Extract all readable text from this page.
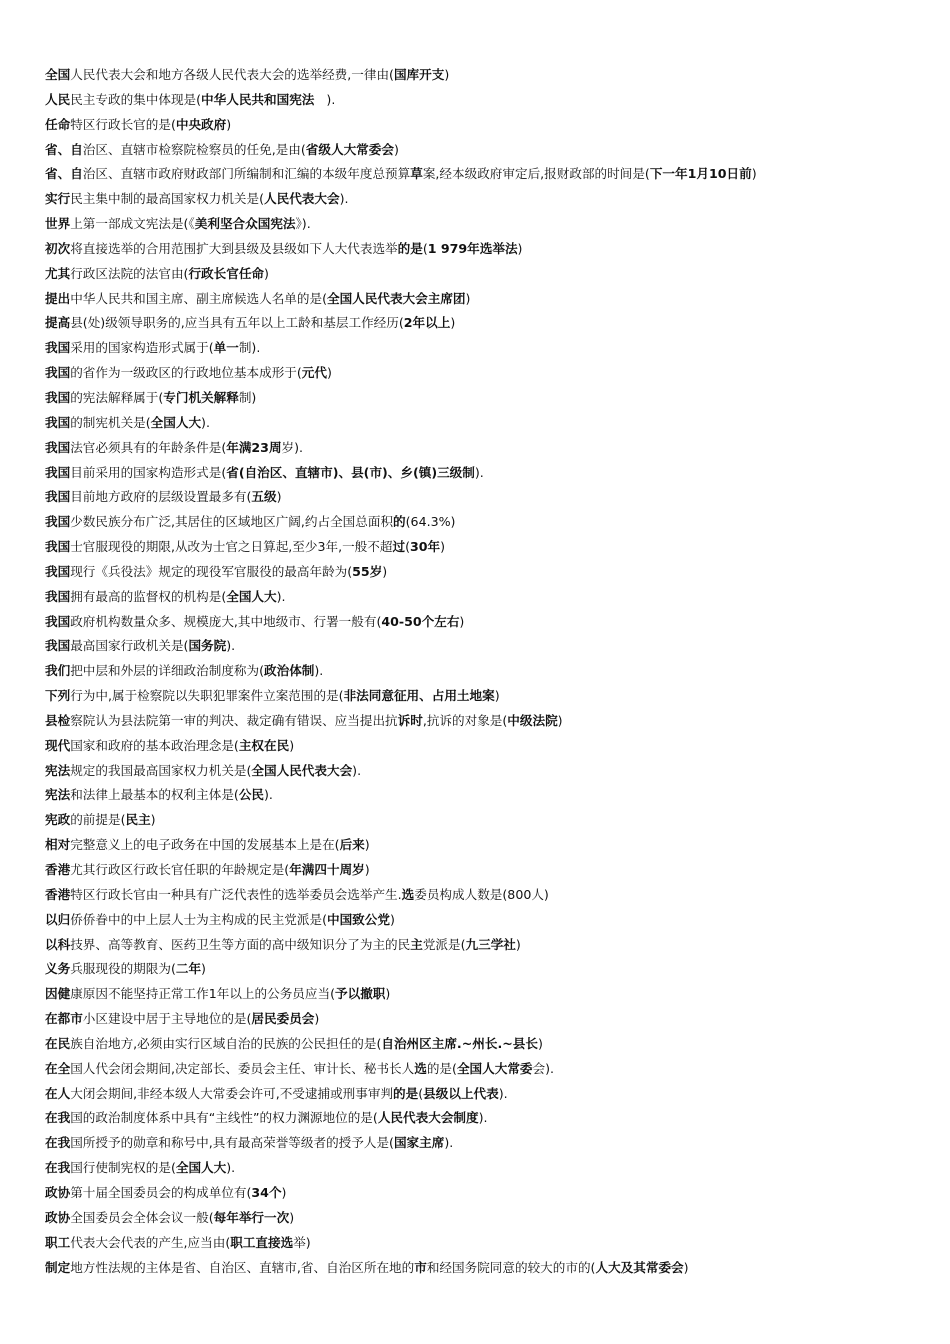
全国人民代表大会和地方各级人民代表大会的选举经费,一律由(国库开支)
人民民主专政的集中体现是(中华人民共和国宪法   ).
任命特区行政长官的是(中央政府)
省、自治区、直辖市检察院检察员的任免,是由(省级人大常委会)
省、自治区、直辖市政府财政部门所编制和汇编的本级年度总预算草案,经本级政府审定后,报财政部的时间是(下一年1月10日前)
实行民主集中制的最高国家权力机关是(人民代表大会).
世界上第一部成文宪法是(《美利坚合众国宪法》).
初次将直接选举的合用范围扩大到县级及县级如下人大代表选举的是(1 979年选举法)
尤其行政区法院的法官由(行政长官任命)
提出中华人民共和国主席、副主席候选人名单的是(全国人民代表大会主席团)
提高县(处)级领导职务的,应当具有五年以上工龄和基层工作经历(2年以上)
我国采用的国家构造形式属于(单一制).
我国的省作为一级政区的行政地位基本成形于(元代)
我国的宪法解释属于(专门机关解释制)
我国的制宪机关是(全国人大).
我国法官必须具有的年龄条件是(年满23周岁).
我国目前采用的国家构造形式是(省(自治区、直辖市)、县(市)、乡(镇)三级制).
我国目前地方政府的层级设置最多有(五级)
我国少数民族分布广泛,其居住的区域地区广阔,约占全国总面积的(64.3%)
我国士官服现役的期限,从改为士官之日算起,至少3年,一般不超过(30年)
我国现行《兵役法》规定的现役军官服役的最高年龄为(55岁)
我国拥有最高的监督权的机构是(全国人大).
我国政府机构数量众多、规模庞大,其中地级市、行署一般有(40-50个左右)
我国最高国家行政机关是(国务院).
我们把中层和外层的详细政治制度称为(政治体制).
下列行为中,属于检察院以失职犯罪案件立案范围的是(非法同意征用、占用土地案)
县检察院认为县法院第一审的判决、裁定确有错误、应当提出抗诉时,抗诉的对象是(中级法院)
现代国家和政府的基本政治理念是(主权在民)
宪法规定的我国最高国家权力机关是(全国人民代表大会).
宪法和法律上最基本的权利主体是(公民).
宪政的前提是(民主)
相对完整意义上的电子政务在中国的发展基本上是在(后来)
香港尤其行政区行政长官任职的年龄规定是(年满四十周岁)
香港特区行政长官由一种具有广泛代表性的选举委员会选举产生.选委员构成人数是(800人)
以归侨侨眷中的中上层人士为主构成的民主党派是(中国致公党)
以科技界、高等教育、医药卫生等方面的高中级知识分了为主的民主党派是(九三学社)
义务兵服现役的期限为(二年)
因健康原因不能坚持正常工作1年以上的公务员应当(予以撤职)
在都市小区建设中居于主导地位的是(居民委员会)
在民族自治地方,必须由实行区域自治的民族的公民担任的是(自治州区主席.~州长.~县长)
在全国人代会闭会期间,决定部长、委员会主任、审计长、秘书长人选的是(全国人大常委会).
在人大闭会期间,非经本级人大常委会许可,不受逮捕或刑事审判的是(县级以上代表).
在我国的政治制度体系中具有“主线性”的权力渊源地位的是(人民代表大会制度).
在我国所授予的勋章和称号中,具有最高荣誉等级者的授予人是(国家主席).
在我国行使制宪权的是(全国人大).
政协第十届全国委员会的构成单位有(34个)
政协全国委员会全体会议一般(每年举行一次)
职工代表大会代表的产生,应当由(职工直接选举)
制定地方性法规的主体是省、自治区、直辖市,省、自治区所在地的市和经国务院同意的较大的市的(人大及其常委会)
